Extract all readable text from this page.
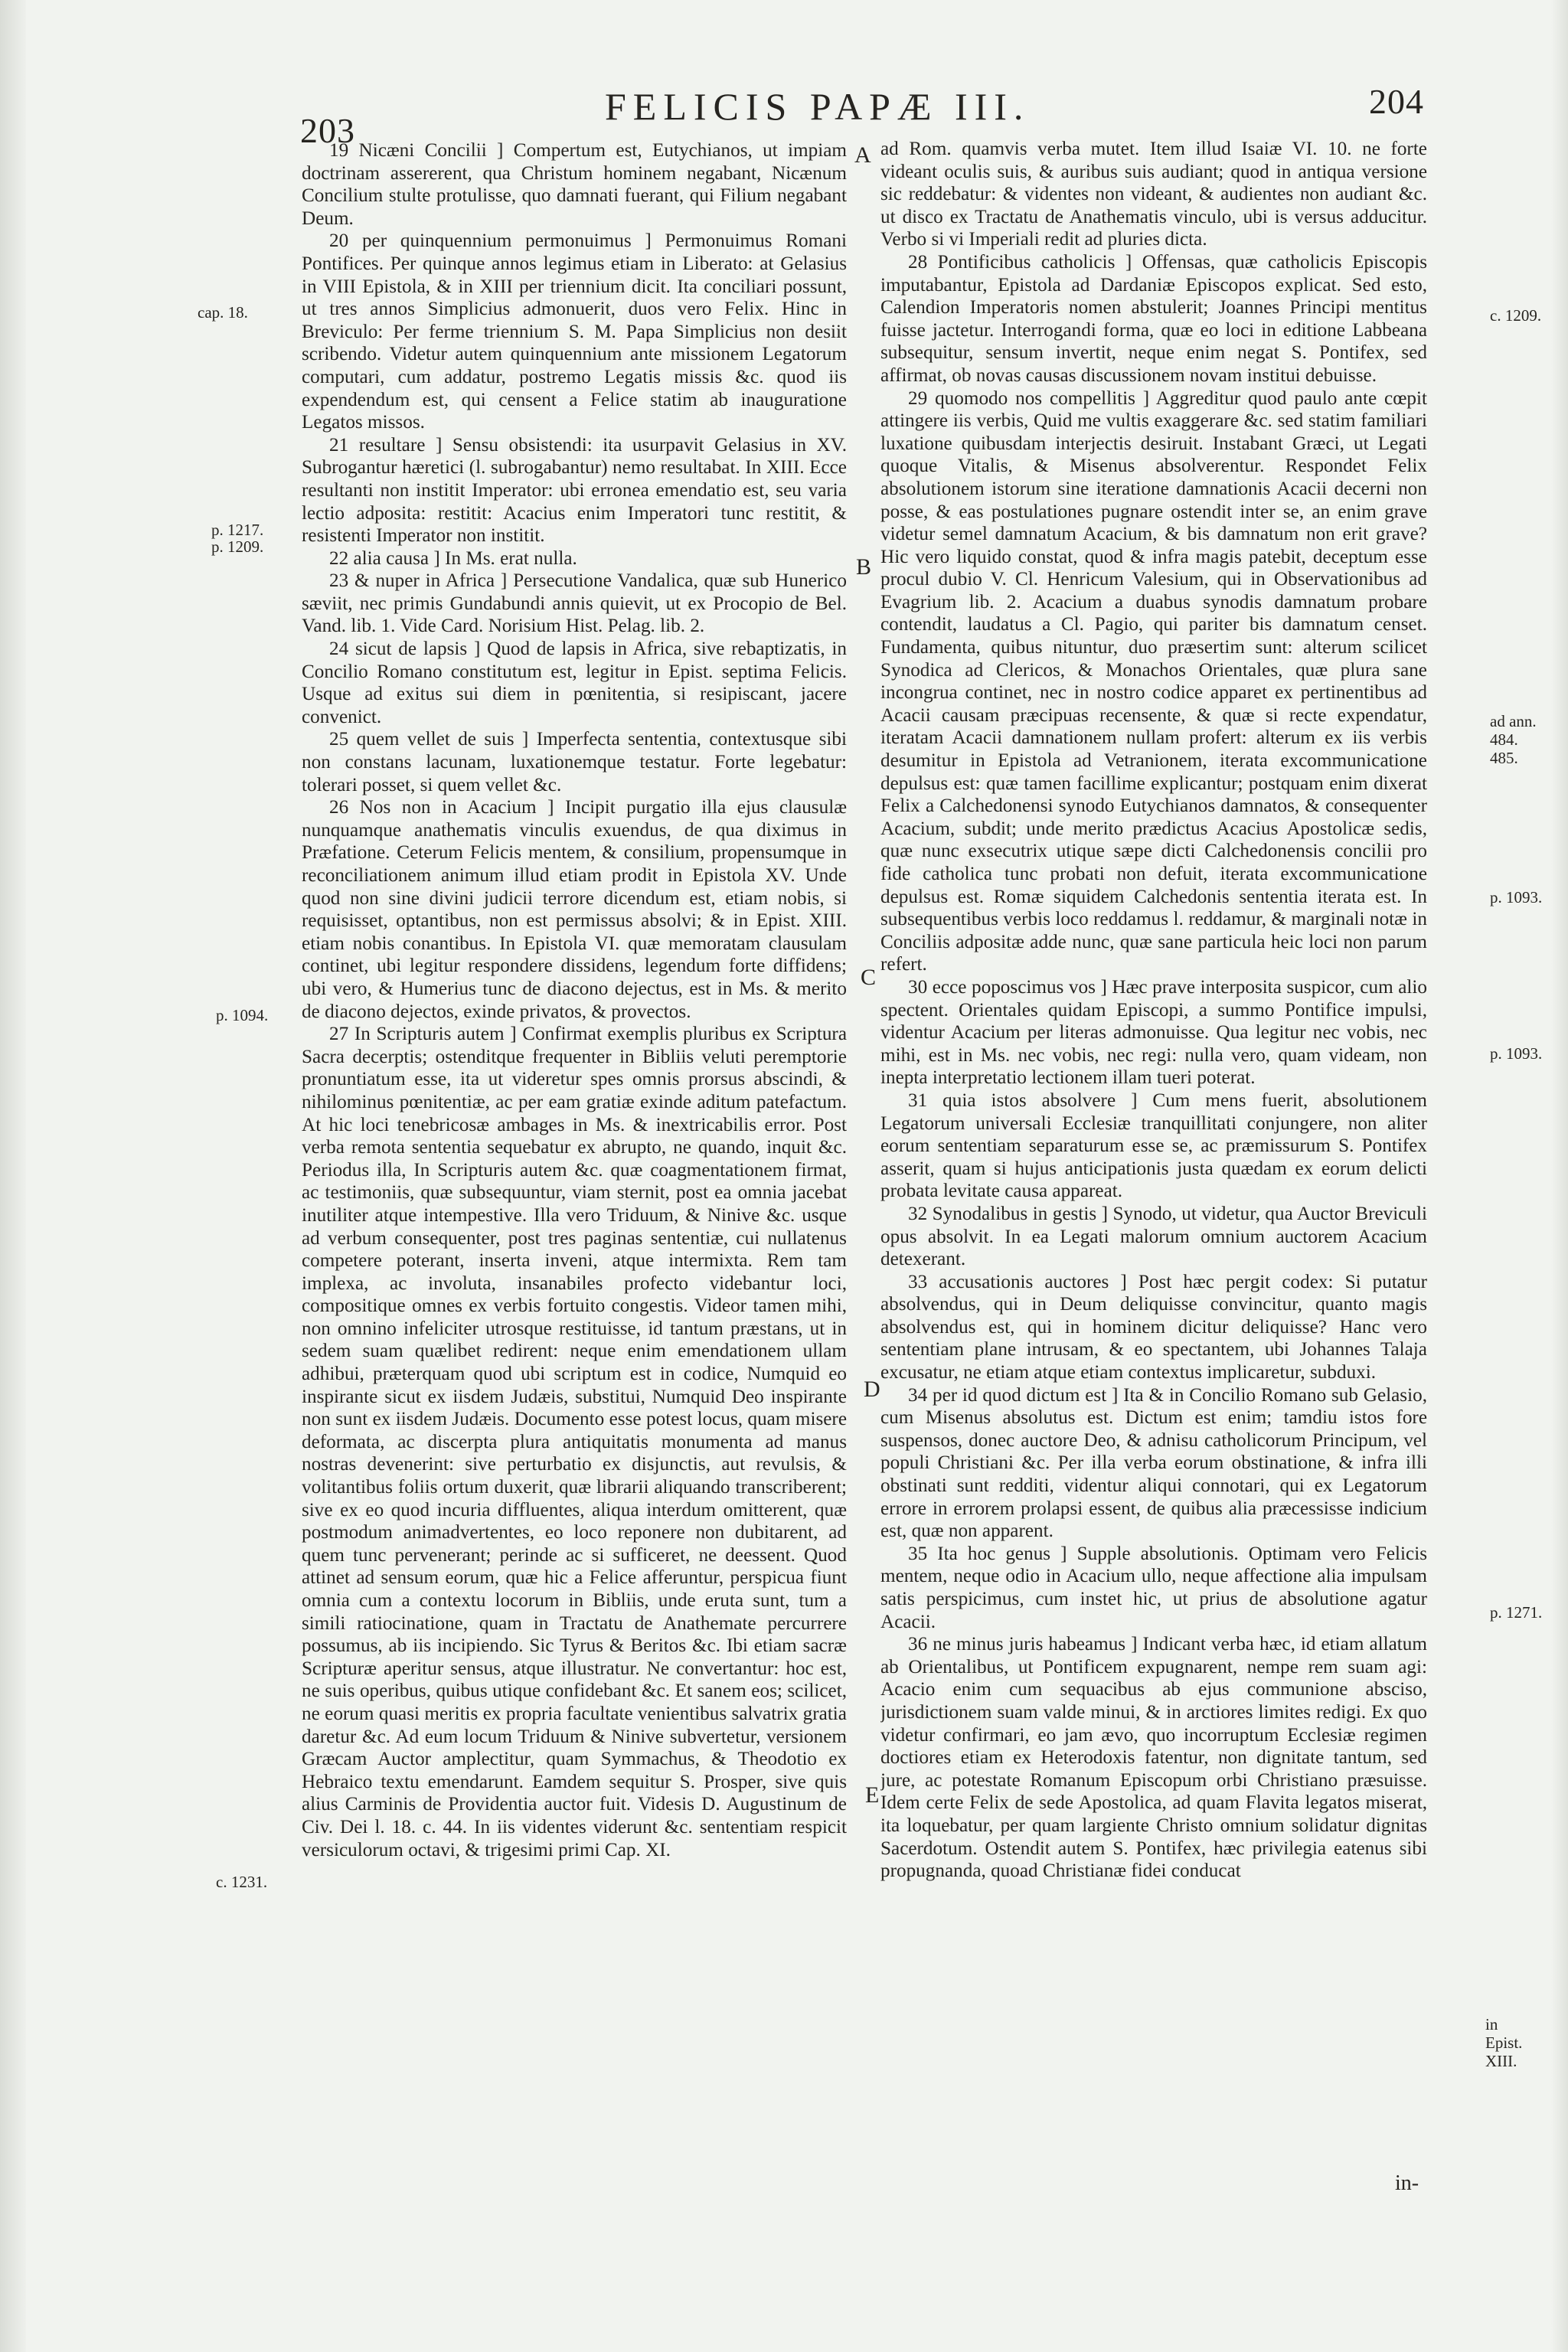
203
FELICIS PAPÆ III.	204
cap. 18.
p. 1217.
p. 1209.
p. 1094.
c. 1231.
A
B
C
D
E
c. 1209.
ad ann. 484. 485.
p. 1093.
p. 1093.
p. 1271.
in Epist. XIII.

19 Nicæni Concilii ] Compertum est, Eutychianos, ut impiam doctrinam assererent, qua Christum hominem negabant, Nicænum Concilium stulte protulisse, quo damnati fuerant, qui Filium negabant Deum.

20 per quinquennium permonuimus ] Permonuimus Romani Pontifices. Per quinque annos legimus etiam in Liberato: at Gelasius in VIII Epistola, & in XIII per triennium dicit. Ita conciliari possunt, ut tres annos Simplicius admonuerit, duos vero Felix. Hinc in Breviculo: Per ferme triennium S. M. Papa Simplicius non desiit scribendo. Videtur autem quinquennium ante missionem Legatorum computari, cum addatur, postremo Legatis missis &c. quod iis expendendum est, qui censent a Felice statim ab inauguratione Legatos missos.

21 resultare ] Sensu obsistendi: ita usurpavit Gelasius in XV. Subrogantur hæretici (l. subrogabantur) nemo resultabat. In XIII. Ecce resultanti non institit Imperator: ubi erronea emendatio est, seu varia lectio adposita: restitit: Acacius enim Imperatori tunc restitit, & resistenti Imperator non institit.

22 alia causa ] In Ms. erat nulla.

23 & nuper in Africa ] Persecutione Vandalica, quæ sub Hunerico sæviit, nec primis Gundabundi annis quievit, ut ex Procopio de Bel. Vand. lib. 1. Vide Card. Norisium Hist. Pelag. lib. 2.

24 sicut de lapsis ] Quod de lapsis in Africa, sive rebaptizatis, in Concilio Romano constitutum est, legitur in Epist. septima Felicis. Usque ad exitus sui diem in pœnitentia, si resipiscant, jacere convenict.

25 quem vellet de suis ] Imperfecta sententia, contextusque sibi non constans lacunam, luxationemque testatur. Forte legebatur: tolerari posset, si quem vellet &c.

26 Nos non in Acacium ] Incipit purgatio illa ejus clausulæ nunquamque anathematis vinculis exuendus, de qua diximus in Præfatione. Ceterum Felicis mentem, & consilium, propensumque in reconciliationem animum illud etiam prodit in Epistola XV. Unde quod non sine divini judicii terrore dicendum est, etiam nobis, si requisisset, optantibus, non est permissus absolvi; & in Epist. XIII. etiam nobis conantibus. In Epistola VI. quæ memoratam clausulam continet, ubi legitur respondere dissidens, legendum forte diffidens; ubi vero, & Humerius tunc de diacono dejectus, est in Ms. & merito de diacono dejectos, exinde privatos, & provectos.

27 In Scripturis autem ] Confirmat exemplis pluribus ex Scriptura Sacra decerptis; ostenditque frequenter in Bibliis veluti peremptorie pronuntiatum esse, ita ut videretur spes omnis prorsus abscindi, & nihilominus pœnitentiæ, ac per eam gratiæ exinde aditum patefactum. At hic loci tenebricosæ ambages in Ms. & inextricabilis error. Post verba remota sententia sequebatur ex abrupto, ne quando, inquit &c. Periodus illa, In Scripturis autem &c. quæ coagmentationem firmat, ac testimoniis, quæ subsequuntur, viam sternit, post ea omnia jacebat inutiliter atque intempestive. Illa vero Triduum, & Ninive &c. usque ad verbum consequenter, post tres paginas sententiæ, cui nullatenus competere poterant, inserta inveni, atque intermixta. Rem tam implexa, ac involuta, insanabiles profecto videbantur loci, compositique omnes ex verbis fortuito congestis. Videor tamen mihi, non omnino infeliciter utrosque restituisse, id tantum præstans, ut in sedem suam quælibet redirent: neque enim emendationem ullam adhibui, præterquam quod ubi scriptum est in codice, Numquid eo inspirante sicut ex iisdem Judæis, substitui, Numquid Deo inspirante non sunt ex iisdem Judæis. Documento esse potest locus, quam misere deformata, ac discerpta plura antiquitatis monumenta ad manus nostras devenerint: sive perturbatio ex disjunctis, aut revulsis, & volitantibus foliis ortum duxerit, quæ librarii aliquando transcriberent; sive ex eo quod incuria diffluentes, aliqua interdum omitterent, quæ postmodum animadvertentes, eo loco reponere non dubitarent, ad quem tunc pervenerant; perinde ac si sufficeret, ne deessent. Quod attinet ad sensum eorum, quæ hic a Felice afferuntur, perspicua fiunt omnia cum a contextu locorum in Bibliis, unde eruta sunt, tum a simili ratiocinatione, quam in Tractatu de Anathemate percurrere possumus, ab iis incipiendo. Sic Tyrus & Beritos &c. Ibi etiam sacræ Scripturæ aperitur sensus, atque illustratur. Ne convertantur: hoc est, ne suis operibus, quibus utique confidebant &c. Et sanem eos; scilicet, ne eorum quasi meritis ex propria facultate venientibus salvatrix gratia daretur &c. Ad eum locum Triduum & Ninive subvertetur, versionem Græcam Auctor amplectitur, quam Symmachus, & Theodotio ex Hebraico textu emendarunt. Eamdem sequitur S. Prosper, sive quis alius Carminis de Providentia auctor fuit. Videsis D. Augustinum de Civ. Dei l. 18. c. 44. In iis videntes viderunt &c. sententiam respicit versiculorum octavi, & trigesimi primi Cap. XI.

ad Rom. quamvis verba mutet. Item illud Isaiæ VI. 10. ne forte videant oculis suis, & auribus suis audiant; quod in antiqua versione sic reddebatur: & videntes non videant, & audientes non audiant &c. ut disco ex Tractatu de Anathematis vinculo, ubi is versus adducitur. Verbo si vi Imperiali redit ad pluries dicta.

28 Pontificibus catholicis ] Offensas, quæ catholicis Episcopis imputabantur, Epistola ad Dardaniæ Episcopos explicat. Sed esto, Calendion Imperatoris nomen abstulerit; Joannes Principi mentitus fuisse jactetur. Interrogandi forma, quæ eo loci in editione Labbeana subsequitur, sensum invertit, neque enim negat S. Pontifex, sed affirmat, ob novas causas discussionem novam institui debuisse.

29 quomodo nos compellitis ] Aggreditur quod paulo ante cœpit attingere iis verbis, Quid me vultis exaggerare &c. sed statim familiari luxatione quibusdam interjectis desiruit. Instabant Græci, ut Legati quoque Vitalis, & Misenus absolverentur. Respondet Felix absolutionem istorum sine iteratione damnationis Acacii decerni non posse, & eas postulationes pugnare ostendit inter se, an enim grave videtur semel damnatum Acacium, & bis damnatum non erit grave? Hic vero liquido constat, quod & infra magis patebit, deceptum esse procul dubio V. Cl. Henricum Valesium, qui in Observationibus ad Evagrium lib. 2. Acacium a duabus synodis damnatum probare contendit, laudatus a Cl. Pagio, qui pariter bis damnatum censet. Fundamenta, quibus nituntur, duo præsertim sunt: alterum scilicet Synodica ad Clericos, & Monachos Orientales, quæ plura sane incongrua continet, nec in nostro codice apparet ex pertinentibus ad Acacii causam præcipuas recensente, & quæ si recte expendatur, iteratam Acacii damnationem nullam profert: alterum ex iis verbis desumitur in Epistola ad Vetranionem, iterata excommunicatione depulsus est: quæ tamen facillime explicantur; postquam enim dixerat Felix a Calchedonensi synodo Eutychianos damnatos, & consequenter Acacium, subdit; unde merito prædictus Acacius Apostolicæ sedis, quæ nunc exsecutrix utique sæpe dicti Calchedonensis concilii pro fide catholica tunc probati non defuit, iterata excommunicatione depulsus est. Romæ siquidem Calchedonis sententia iterata est. In subsequentibus verbis loco reddamus l. reddamur, & marginali notæ in Conciliis adpositæ adde nunc, quæ sane particula heic loci non parum refert.

30 ecce poposcimus vos ] Hæc prave interposita suspicor, cum alio spectent. Orientales quidam Episcopi, a summo Pontifice impulsi, videntur Acacium per literas admonuisse. Qua legitur nec vobis, nec mihi, est in Ms. nec vobis, nec regi: nulla vero, quam videam, non inepta interpretatio lectionem illam tueri poterat.

31 quia istos absolvere ] Cum mens fuerit, absolutionem Legatorum universali Ecclesiæ tranquillitati conjungere, non aliter eorum sententiam separaturum esse se, ac præmissurum S. Pontifex asserit, quam si hujus anticipationis justa quædam ex eorum delicti probata levitate causa appareat.

32 Synodalibus in gestis ] Synodo, ut videtur, qua Auctor Breviculi opus absolvit. In ea Legati malorum omnium auctorem Acacium detexerant.

33 accusationis auctores ] Post hæc pergit codex: Si putatur absolvendus, qui in Deum deliquisse convincitur, quanto magis absolvendus est, qui in hominem dicitur deliquisse? Hanc vero sententiam plane intrusam, & eo spectantem, ubi Johannes Talaja excusatur, ne etiam atque etiam contextus implicaretur, subduxi.

34 per id quod dictum est ] Ita & in Concilio Romano sub Gelasio, cum Misenus absolutus est. Dictum est enim; tamdiu istos fore suspensos, donec auctore Deo, & adnisu catholicorum Principum, vel populi Christiani &c. Per illa verba eorum obstinatione, & infra illi obstinati sunt redditi, videntur aliqui connotari, qui ex Legatorum errore in errorem prolapsi essent, de quibus alia præcessisse indicium est, quæ non apparent.

35 Ita hoc genus ] Supple absolutionis. Optimam vero Felicis mentem, neque odio in Acacium ullo, neque affectione alia impulsam satis perspicimus, cum instet hic, ut prius de absolutione agatur Acacii.

36 ne minus juris habeamus ] Indicant verba hæc, id etiam allatum ab Orientalibus, ut Pontificem expugnarent, nempe rem suam agi: Acacio enim cum sequacibus ab ejus communione absciso, jurisdictionem suam valde minui, & in arctiores limites redigi. Ex quo videtur confirmari, eo jam ævo, quo incorruptum Ecclesiæ regimen doctiores etiam ex Heterodoxis fatentur, non dignitate tantum, sed jure, ac potestate Romanum Episcopum orbi Christiano præsuisse. Idem certe Felix de sede Apostolica, ad quam Flavita legatos miserat, ita loquebatur, per quam largiente Christo omnium solidatur dignitas Sacerdotum. Ostendit autem S. Pontifex, hæc privilegia eatenus sibi propugnanda, quoad Christianæ fidei conducat

in-
